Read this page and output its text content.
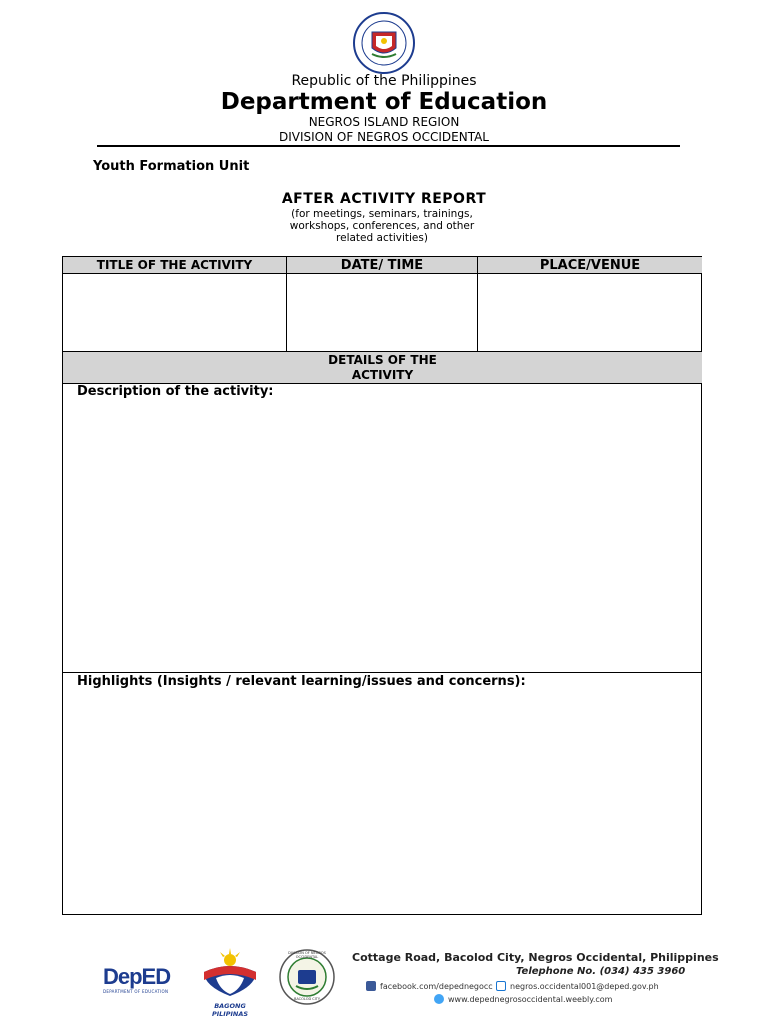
Republic of the Philippines
Department of Education
NEGROS ISLAND REGION
DIVISION OF NEGROS OCCIDENTAL
Youth Formation Unit
AFTER ACTIVITY REPORT
(for meetings, seminars, trainings,
workshops, conferences, and other
related activities)
TITLE OF THE ACTIVITY	DATE/ TIME	PLACE/VENUE
DETAILS OF THE
ACTIVITY
Description of the activity:
Highlights (Insights / relevant learning/issues and concerns):
DepED
DEPARTMENT OF EDUCATION
BAGONG PILIPINAS
DIVISION OF NEGROS OCCIDENTAL
BACOLOD CITY
Cottage Road, Bacolod City, Negros Occidental, Philippines
Telephone No. (034) 435 3960
facebook.com/depednegocc negros.occidental001@deped.gov.ph
www.depednegrosoccidental.weebly.com
